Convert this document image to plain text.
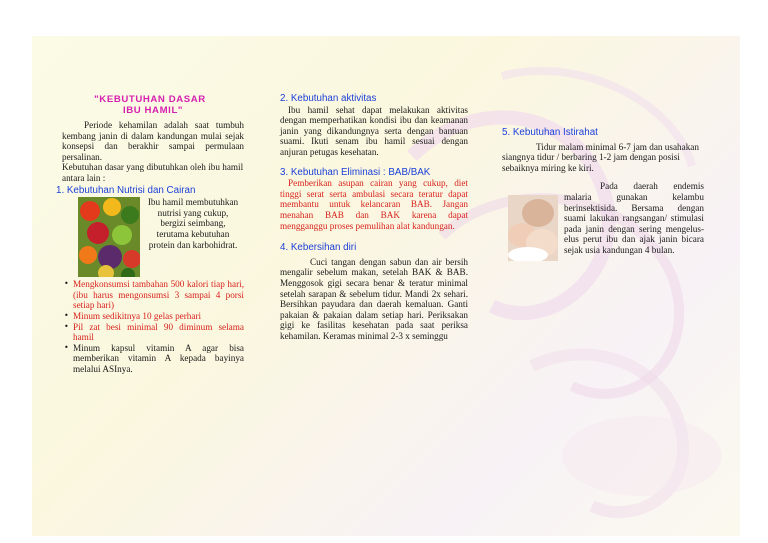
"KEBUTUHAN DASAR
IBU HAMIL"

Periode kehamilan adalah saat tumbuh kembang janin di dalam kandungan mulai sejak konsepsi dan berakhir sampai permulaan persalinan.

Kebutuhan dasar yang dibutuhkan oleh ibu hamil antara lain :

1. Kebutuhan Nutrisi dan Cairan

Ibu hamil membutuhkan nutrisi yang cukup, bergizi seimbang, terutama kebutuhan protein dan karbohidrat.

• Mengkonsumsi tambahan 500 kalori tiap hari, (ibu harus mengonsumsi 3 sampai 4 porsi setiap hari)
• Minum sedikitnya 10 gelas perhari
• Pil zat besi minimal 90 diminum selama hamil
• Minum kapsul vitamin A agar bisa memberikan vitamin A kepada bayinya melalui ASInya.

2. Kebutuhan aktivitas

Ibu hamil sehat dapat melakukan aktivitas dengan memperhatikan kondisi ibu dan keamanan janin yang dikandungnya serta dengan bantuan suami. Ikuti senam ibu hamil sesuai dengan anjuran petugas kesehatan.

3. Kebutuhan Eliminasi : BAB/BAK

Pemberikan asupan cairan yang cukup, diet tinggi serat serta ambulasi secara teratur dapat membantu untuk kelancaran BAB. Jangan menahan BAB dan BAK karena dapat mengganggu proses pemulihan alat kandungan.

4. Kebersihan diri

Cuci tangan dengan sabun dan air bersih mengalir sebelum makan, setelah BAK & BAB. Menggosok gigi secara benar & teratur minimal setelah sarapan & sebelum tidur. Mandi 2x sehari. Bersihkan payudara dan daerah kemaluan. Ganti pakaian & pakaian dalam setiap hari. Periksakan gigi ke fasilitas kesehatan pada saat periksa kehamilan. Keramas minimal 2-3 x seminggu

5. Kebutuhan Istirahat

Tidur malam minimal 6-7 jam dan usahakan siangnya tidur / berbaring 1-2 jam dengan posisi sebaiknya miring ke kiri.

Pada daerah endemis malaria gunakan kelambu berinsektisida. Bersama dengan suami lakukan rangsangan/ stimulasi pada janin dengan sering mengelus-elus perut ibu dan ajak janin bicara sejak usia kandungan 4 bulan.
